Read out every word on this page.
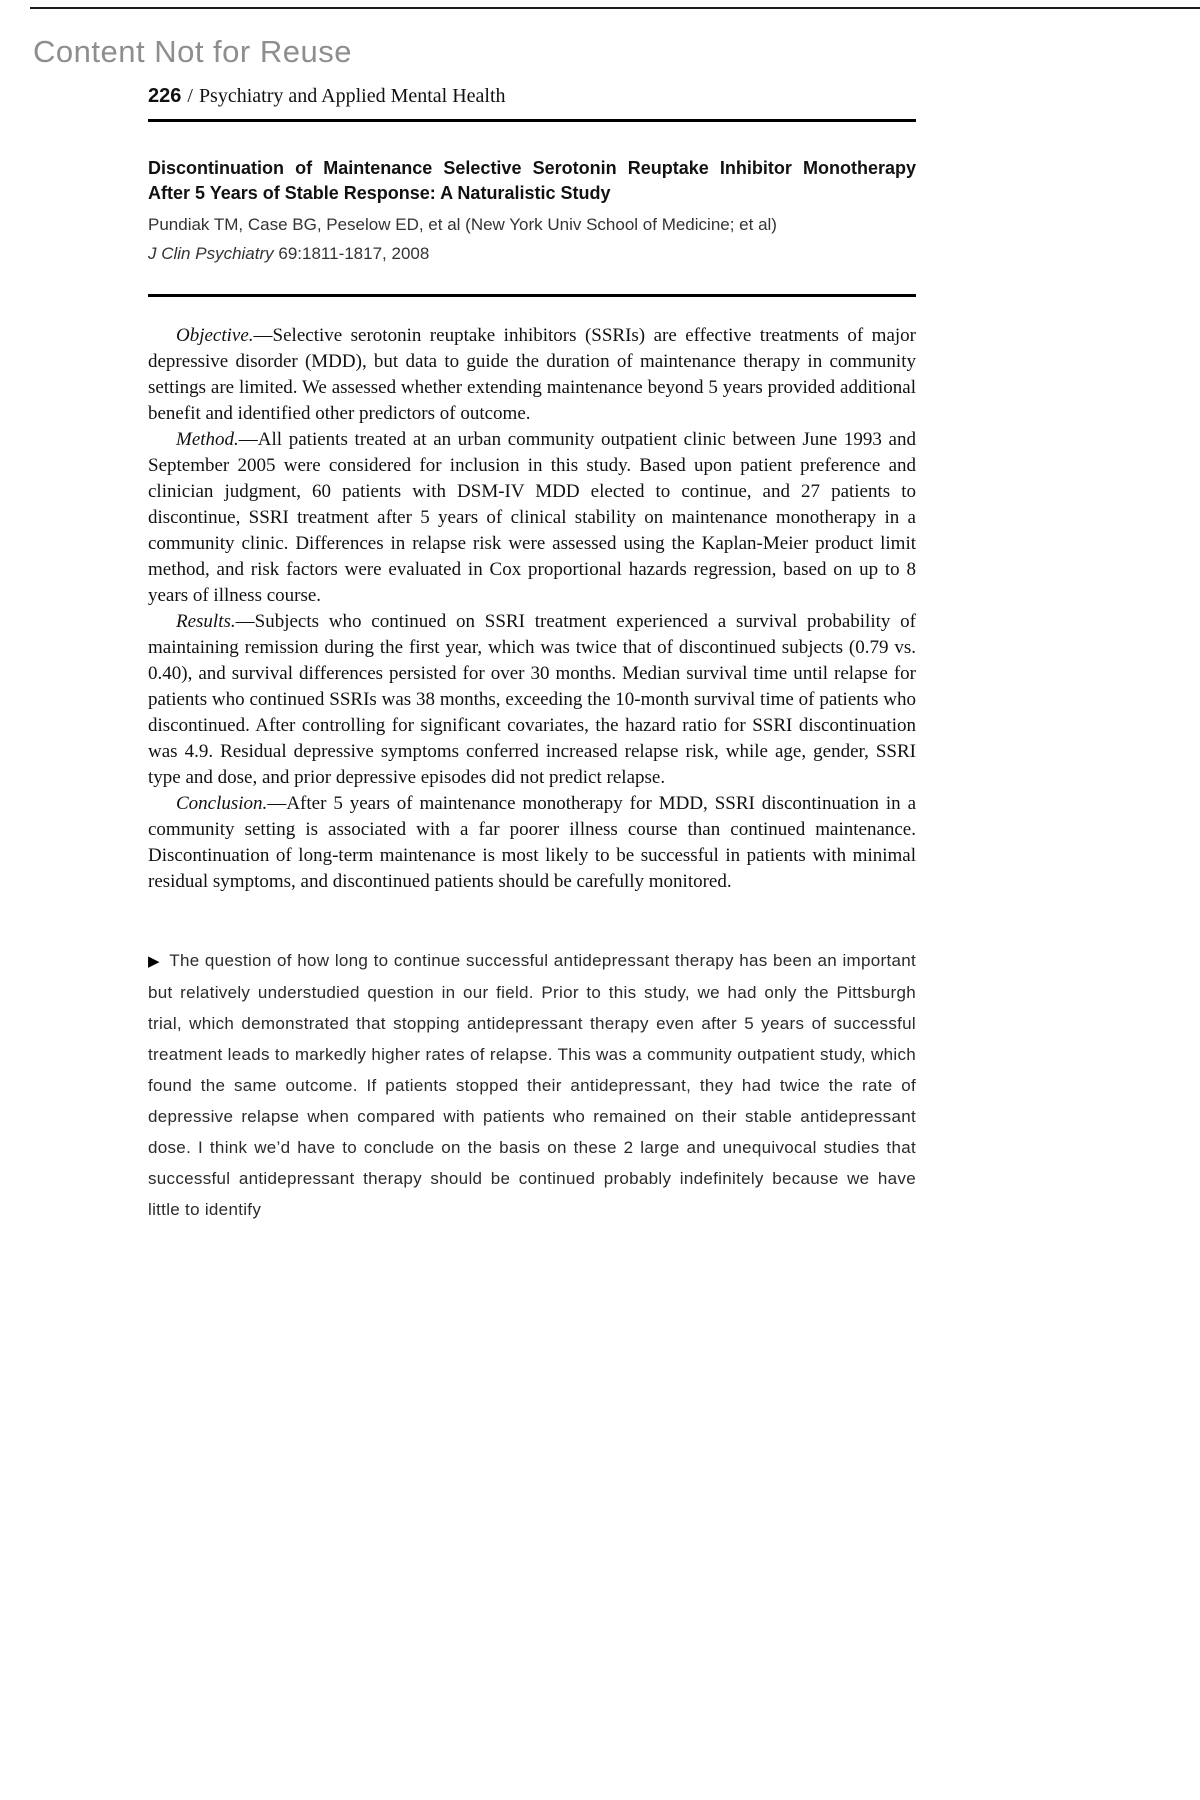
Content Not for Reuse
226 / Psychiatry and Applied Mental Health
Discontinuation of Maintenance Selective Serotonin Reuptake Inhibitor Monotherapy After 5 Years of Stable Response: A Naturalistic Study
Pundiak TM, Case BG, Peselow ED, et al (New York Univ School of Medicine; et al)
J Clin Psychiatry 69:1811-1817, 2008

Objective.—Selective serotonin reuptake inhibitors (SSRIs) are effective treatments of major depressive disorder (MDD), but data to guide the duration of maintenance therapy in community settings are limited. We assessed whether extending maintenance beyond 5 years provided additional benefit and identified other predictors of outcome.

Method.—All patients treated at an urban community outpatient clinic between June 1993 and September 2005 were considered for inclusion in this study. Based upon patient preference and clinician judgment, 60 patients with DSM-IV MDD elected to continue, and 27 patients to discontinue, SSRI treatment after 5 years of clinical stability on maintenance monotherapy in a community clinic. Differences in relapse risk were assessed using the Kaplan-Meier product limit method, and risk factors were evaluated in Cox proportional hazards regression, based on up to 8 years of illness course.

Results.—Subjects who continued on SSRI treatment experienced a survival probability of maintaining remission during the first year, which was twice that of discontinued subjects (0.79 vs. 0.40), and survival differences persisted for over 30 months. Median survival time until relapse for patients who continued SSRIs was 38 months, exceeding the 10-month survival time of patients who discontinued. After controlling for significant covariates, the hazard ratio for SSRI discontinuation was 4.9. Residual depressive symptoms conferred increased relapse risk, while age, gender, SSRI type and dose, and prior depressive episodes did not predict relapse.

Conclusion.—After 5 years of maintenance monotherapy for MDD, SSRI discontinuation in a community setting is associated with a far poorer illness course than continued maintenance. Discontinuation of long-term maintenance is most likely to be successful in patients with minimal residual symptoms, and discontinued patients should be carefully monitored.

▶ The question of how long to continue successful antidepressant therapy has been an important but relatively understudied question in our field. Prior to this study, we had only the Pittsburgh trial, which demonstrated that stopping antidepressant therapy even after 5 years of successful treatment leads to markedly higher rates of relapse. This was a community outpatient study, which found the same outcome. If patients stopped their antidepressant, they had twice the rate of depressive relapse when compared with patients who remained on their stable antidepressant dose. I think we’d have to conclude on the basis on these 2 large and unequivocal studies that successful antidepressant therapy should be continued probably indefinitely because we have little to identify
